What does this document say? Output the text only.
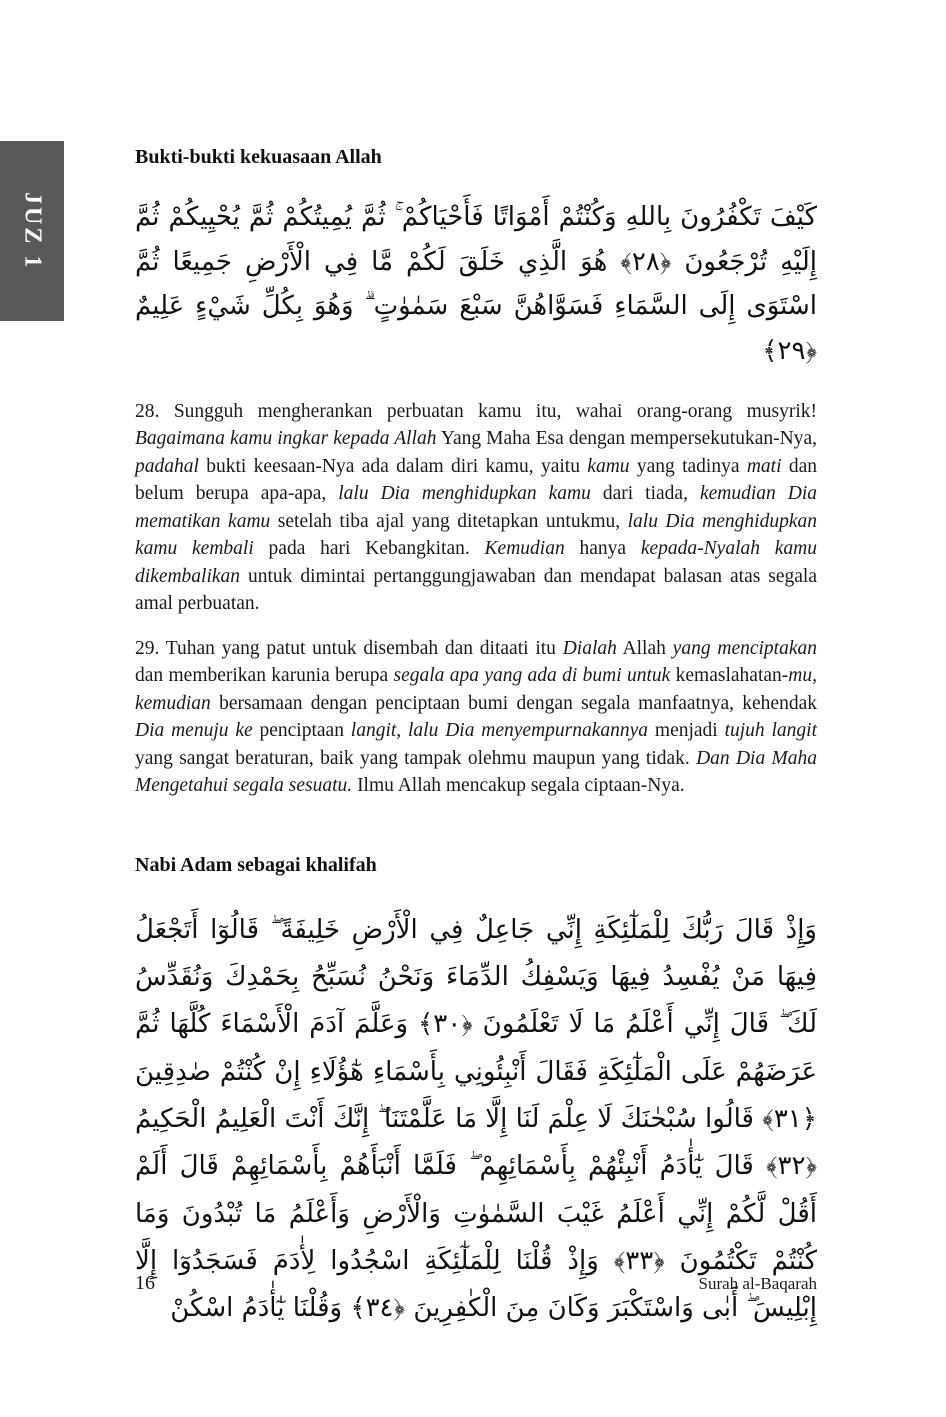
JUZ 1
Bukti-bukti kekuasaan Allah
كَيْفَ تَكْفُرُونَ بِاللهِ وَكُنْتُمْ أَمْوَاتًا فَأَحْيَاكُمْ ۚ ثُمَّ يُمِيتُكُمْ ثُمَّ يُحْيِيكُمْ ثُمَّ إِلَيْهِ تُرْجَعُونَ ﴿٢٨﴾ هُوَ الَّذِي خَلَقَ لَكُمْ مَّا فِي الْأَرْضِ جَمِيعًا ثُمَّ اسْتَوَى إِلَى السَّمَاءِ فَسَوَّاهُنَّ سَبْعَ سَمٰوٰتٍ ۗ وَهُوَ بِكُلِّ شَيْءٍ عَلِيمٌ ﴿٢٩﴾

28. Sungguh mengherankan perbuatan kamu itu, wahai orang-orang musyrik! Bagaimana kamu ingkar kepada Allah Yang Maha Esa dengan mempersekutukan-Nya, padahal bukti keesaan-Nya ada dalam diri kamu, yaitu kamu yang tadinya mati dan belum berupa apa-apa, lalu Dia menghidupkan kamu dari tiada, kemudian Dia mematikan kamu setelah tiba ajal yang ditetapkan untukmu, lalu Dia menghidupkan kamu kembali pada hari Kebangkitan. Kemudian hanya kepada-Nyalah kamu dikembalikan untuk dimintai pertanggungjawaban dan mendapat balasan atas segala amal perbuatan.

29. Tuhan yang patut untuk disembah dan ditaati itu Dialah Allah yang menciptakan dan memberikan karunia berupa segala apa yang ada di bumi untuk kemaslahatan-mu, kemudian bersamaan dengan penciptaan bumi dengan segala manfaatnya, kehendak Dia menuju ke penciptaan langit, lalu Dia menyempurnakannya menjadi tujuh langit yang sangat beraturan, baik yang tampak olehmu maupun yang tidak. Dan Dia Maha Mengetahui segala sesuatu. Ilmu Allah mencakup segala ciptaan-Nya.

Nabi Adam sebagai khalifah
وَإِذْ قَالَ رَبُّكَ لِلْمَلٰٓئِكَةِ إِنِّي جَاعِلٌ فِي الْأَرْضِ خَلِيفَةً ۖ قَالُوٓا أَتَجْعَلُ فِيهَا مَنْ يُفْسِدُ فِيهَا وَيَسْفِكُ الدِّمَاءَ وَنَحْنُ نُسَبِّحُ بِحَمْدِكَ وَنُقَدِّسُ لَكَ ۖ قَالَ إِنِّي أَعْلَمُ مَا لَا تَعْلَمُونَ ﴿٣٠﴾ وَعَلَّمَ آدَمَ الْأَسْمَاءَ كُلَّهَا ثُمَّ عَرَضَهُمْ عَلَى الْمَلٰٓئِكَةِ فَقَالَ أَنْبِئُونِي بِأَسْمَاءِ هٰٓؤُلَاءِ إِنْ كُنْتُمْ صٰدِقِينَ ﴿٣١﴾ قَالُوا سُبْحٰنَكَ لَا عِلْمَ لَنَا إِلَّا مَا عَلَّمْتَنَا ۖ إِنَّكَ أَنْتَ الْعَلِيمُ الْحَكِيمُ ﴿٣٢﴾ قَالَ يٰٓأٰدَمُ أَنْبِئْهُمْ بِأَسْمَائِهِمْ ۖ فَلَمَّا أَنْبَأَهُمْ بِأَسْمَائِهِمْ قَالَ أَلَمْ أَقُلْ لَّكُمْ إِنِّي أَعْلَمُ غَيْبَ السَّمٰوٰتِ وَالْأَرْضِ وَأَعْلَمُ مَا تُبْدُونَ وَمَا كُنْتُمْ تَكْتُمُونَ ﴿٣٣﴾ وَإِذْ قُلْنَا لِلْمَلٰٓئِكَةِ اسْجُدُوا لِأٰدَمَ فَسَجَدُوٓا إِلَّا إِبْلِيسَ ۖ أَبٰى وَاسْتَكْبَرَ وَكَانَ مِنَ الْكٰفِرِينَ ﴿٣٤﴾ وَقُلْنَا يٰٓأٰدَمُ اسْكُنْ
16	Surah al-Baqarah
